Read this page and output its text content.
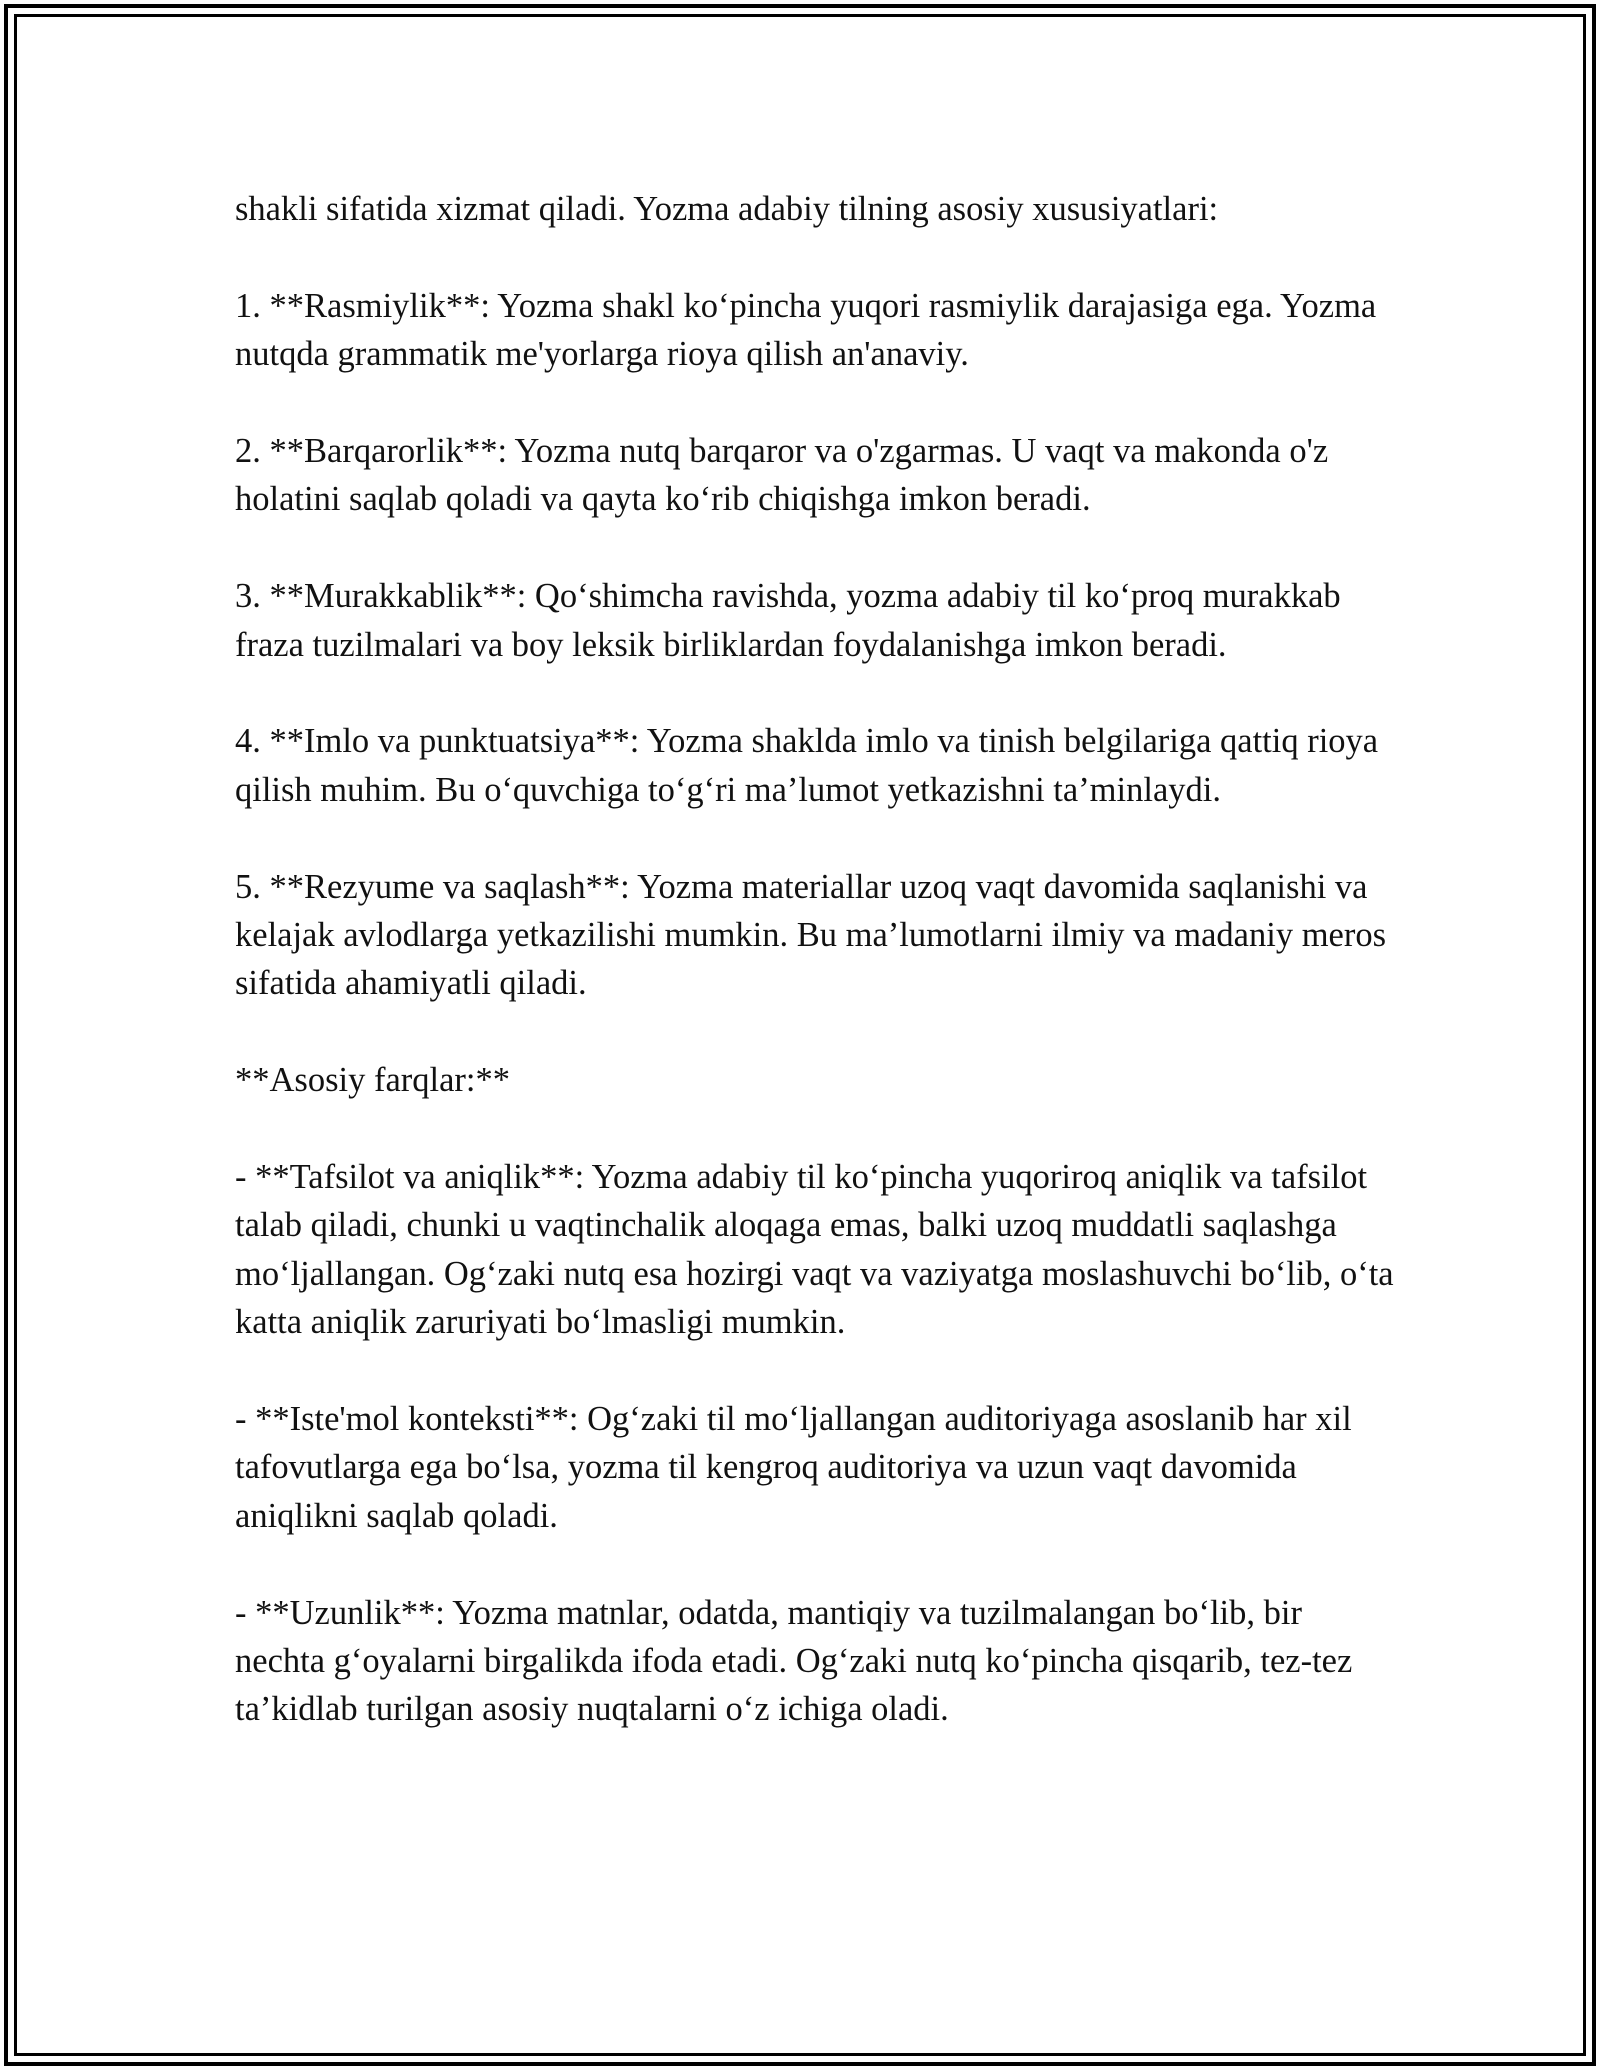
shakli sifatida xizmat qiladi. Yozma adabiy tilning asosiy xususiyatlari:

1. **Rasmiylik**: Yozma shakl ko‘pincha yuqori rasmiylik darajasiga ega. Yozma nutqda grammatik me'yorlarga rioya qilish an'anaviy.

2. **Barqarorlik**: Yozma nutq barqaror va o'zgarmas. U vaqt va makonda o'z holatini saqlab qoladi va qayta ko‘rib chiqishga imkon beradi.

3. **Murakkablik**: Qo‘shimcha ravishda, yozma adabiy til ko‘proq murakkab fraza tuzilmalari va boy leksik birliklardan foydalanishga imkon beradi.

4. **Imlo va punktuatsiya**: Yozma shaklda imlo va tinish belgilariga qattiq rioya qilish muhim. Bu o‘quvchiga to‘g‘ri ma’lumot yetkazishni ta’minlaydi.

5. **Rezyume va saqlash**: Yozma materiallar uzoq vaqt davomida saqlanishi va kelajak avlodlarga yetkazilishi mumkin. Bu ma’lumotlarni ilmiy va madaniy meros sifatida ahamiyatli qiladi.

**Asosiy farqlar:**

- **Tafsilot va aniqlik**: Yozma adabiy til ko‘pincha yuqoriroq aniqlik va tafsilot talab qiladi, chunki u vaqtinchalik aloqaga emas, balki uzoq muddatli saqlashga mo‘ljallangan. Og‘zaki nutq esa hozirgi vaqt va vaziyatga moslashuvchi bo‘lib, o‘ta katta aniqlik zaruriyati bo‘lmasligi mumkin.

- **Iste'mol konteksti**: Og‘zaki til mo‘ljallangan auditoriyaga asoslanib har xil tafovutlarga ega bo‘lsa, yozma til kengroq auditoriya va uzun vaqt davomida aniqlikni saqlab qoladi.

- **Uzunlik**: Yozma matnlar, odatda, mantiqiy va tuzilmalangan bo‘lib, bir nechta g‘oyalarni birgalikda ifoda etadi. Og‘zaki nutq ko‘pincha qisqarib, tez-tez ta’kidlab turilgan asosiy nuqtalarni o‘z ichiga oladi.
